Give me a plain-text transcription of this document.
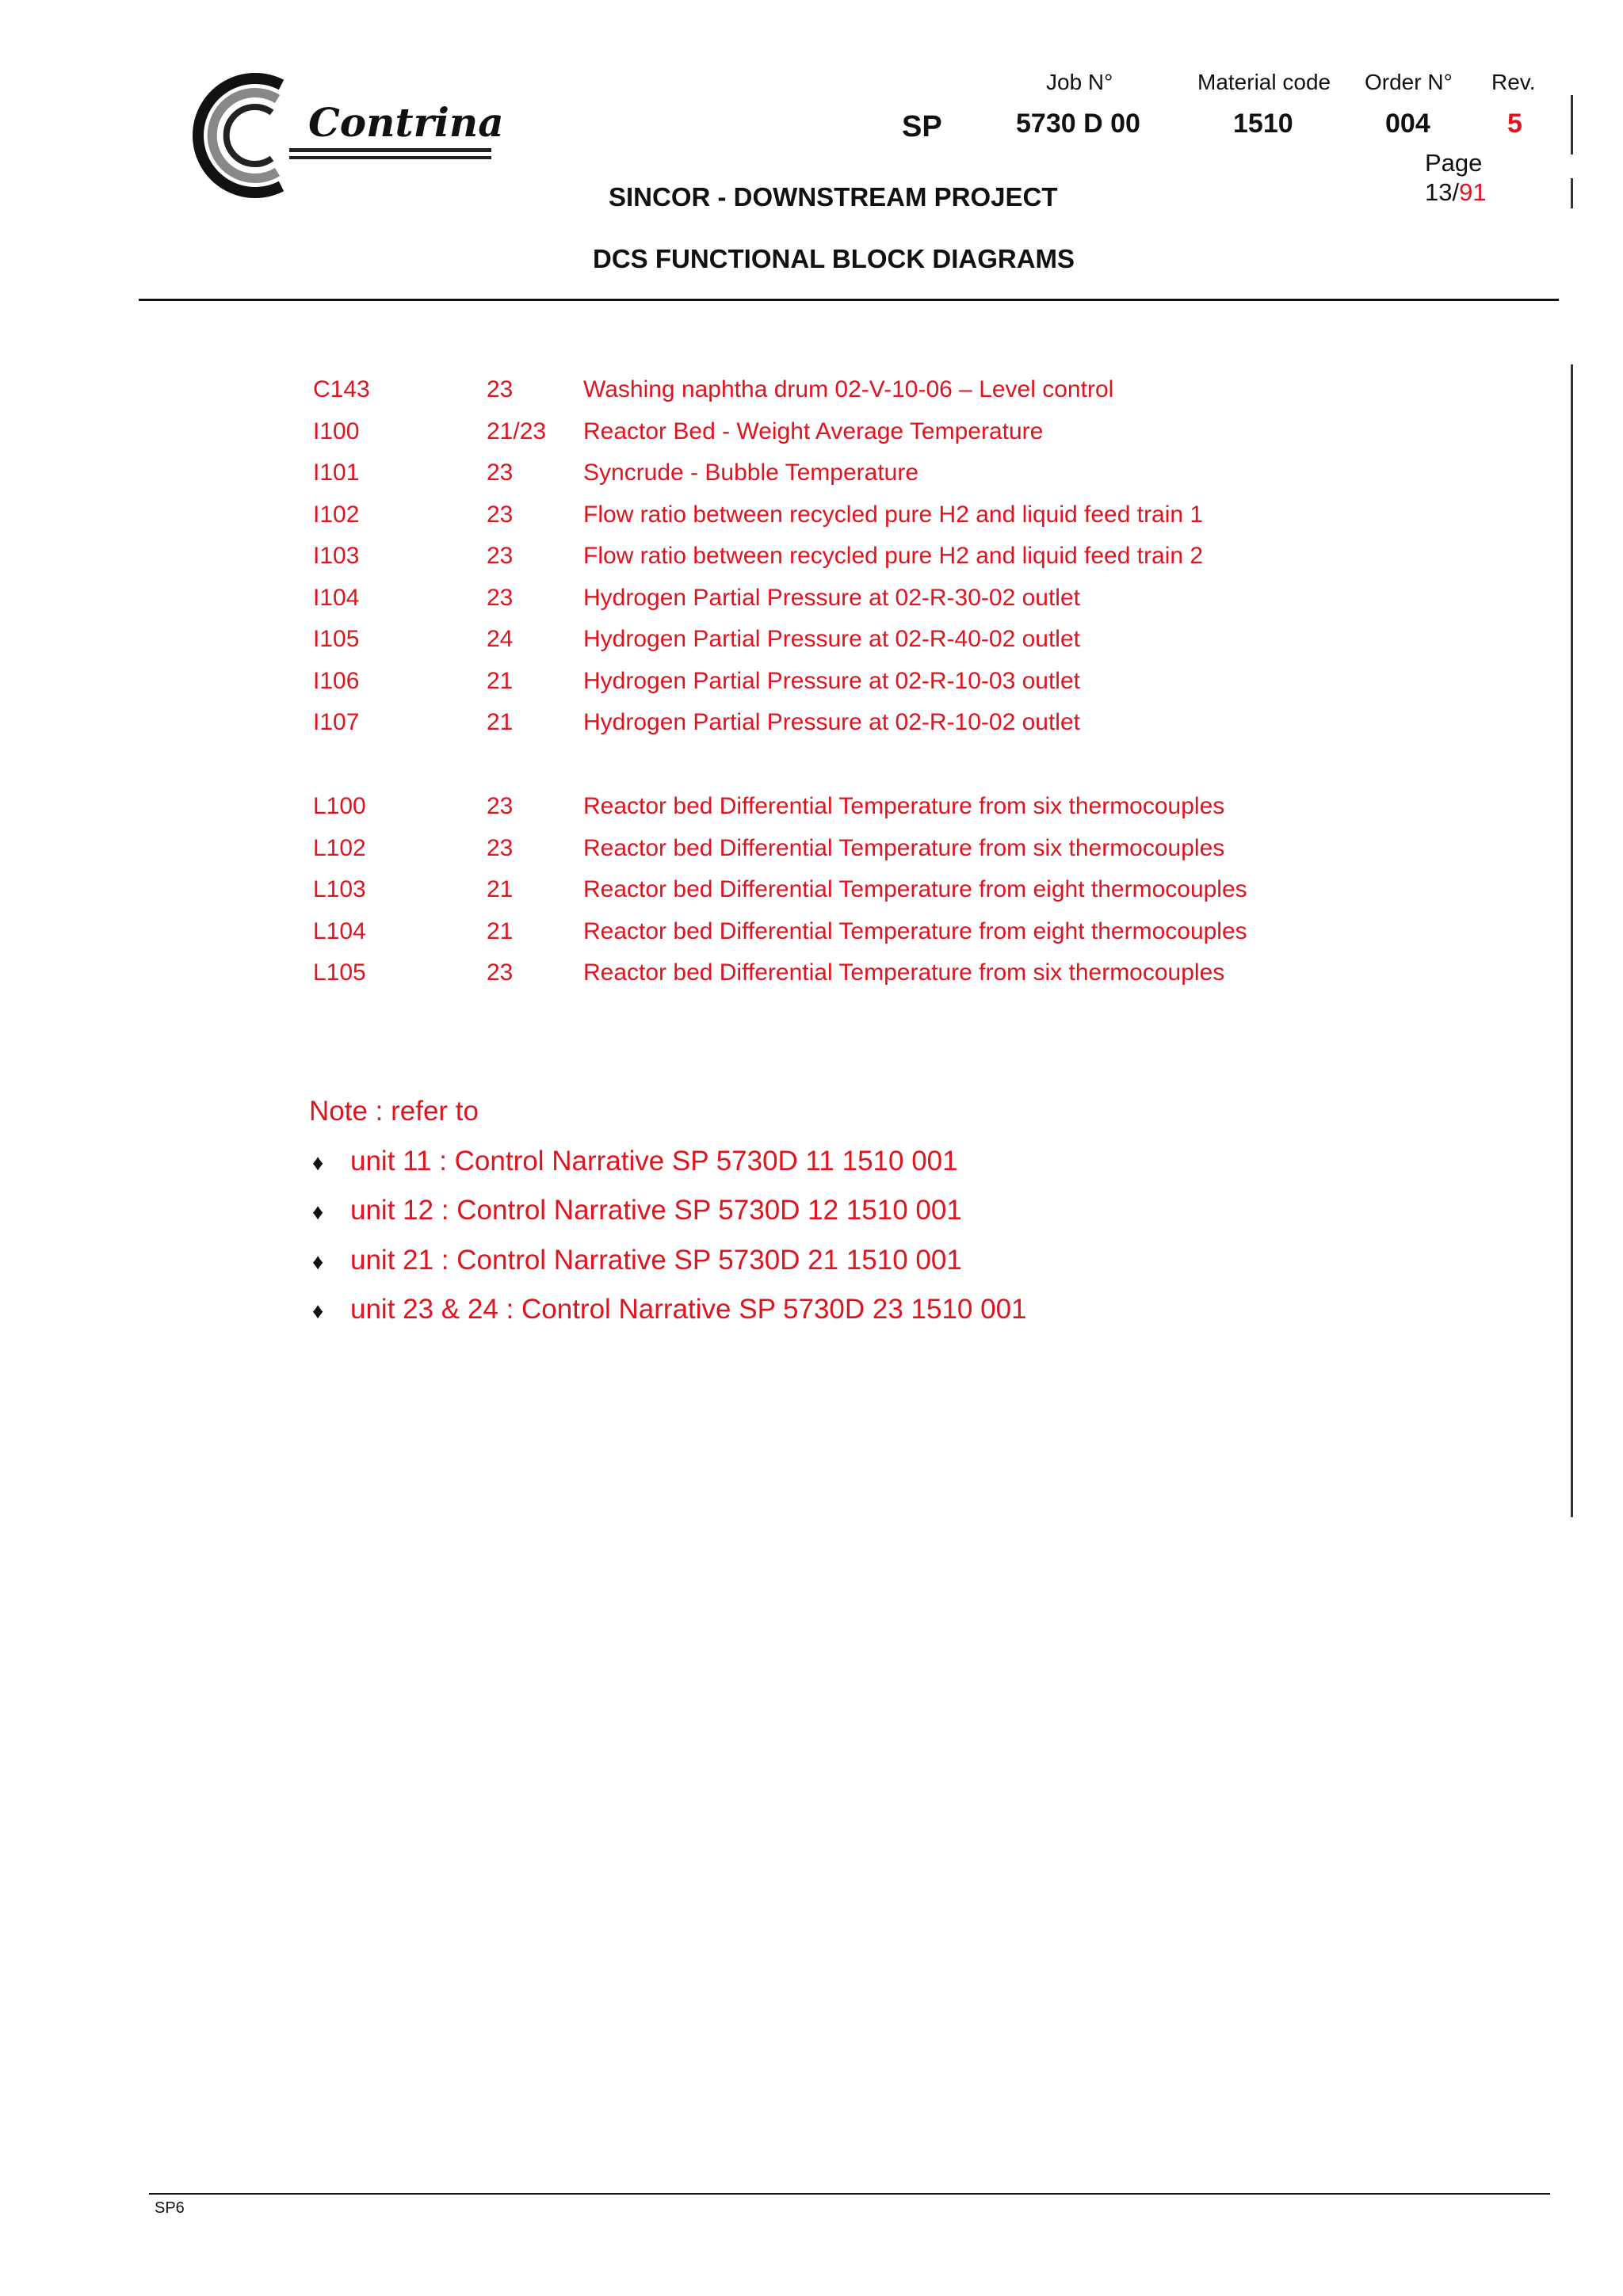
Contrina
Job N°	Material code Order N° Rev.
SP	5730 D 00	1510	004	5
Page
13/91
SINCOR - DOWNSTREAM PROJECT
DCS FUNCTIONAL BLOCK DIAGRAMS
C143	23	Washing naphtha drum 02-V-10-06 – Level control
I100	21/23 Reactor Bed - Weight Average Temperature
I101	23	Syncrude - Bubble Temperature
I102	23	Flow ratio between recycled pure H2 and liquid feed train 1
I103	23	Flow ratio between recycled pure H2 and liquid feed train 2
I104	23	Hydrogen Partial Pressure at 02-R-30-02 outlet
I105	24	Hydrogen Partial Pressure at 02-R-40-02 outlet
I106	21	Hydrogen Partial Pressure at 02-R-10-03 outlet
I107	21	Hydrogen Partial Pressure at 02-R-10-02 outlet
L100	23	Reactor bed Differential Temperature from six thermocouples
L102	23	Reactor bed Differential Temperature from six thermocouples
L103	21	Reactor bed Differential Temperature from eight thermocouples
L104	21	Reactor bed Differential Temperature from eight thermocouples
L105	23	Reactor bed Differential Temperature from six thermocouples
Note : refer to
♦ unit 11 : Control Narrative SP 5730D 11 1510 001
♦ unit 12 : Control Narrative SP 5730D 12 1510 001
♦ unit 21 : Control Narrative SP 5730D 21 1510 001
♦ unit 23 & 24 : Control Narrative SP 5730D 23 1510 001
SP6
